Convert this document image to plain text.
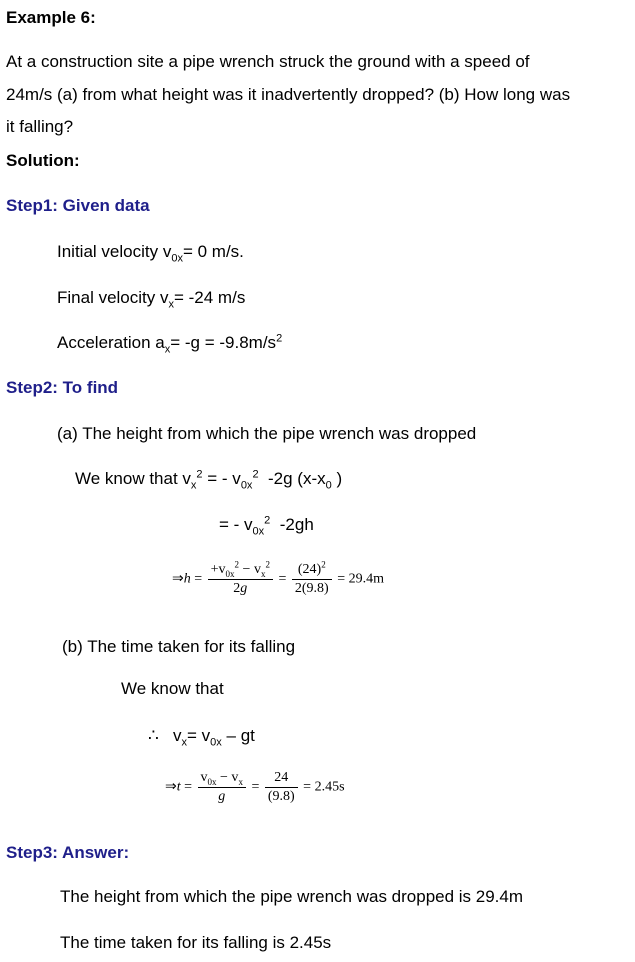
Example 6:
At a construction site a pipe wrench struck the ground with a speed of
24m/s (a) from what height was it inadvertently dropped? (b) How long was
it falling?
Solution:
Step1: Given data
Initial velocity $v_{0x}= 0$ m/s.
Final velocity $v_x= -24$ m/s
Acceleration $a_x= -g = -9.8m/s^2$
Step2: To find
(a) The height from which the pipe wrench was dropped
We know that $v_x^2$ = - $v_{0x}^2$ -2g ($x-x_0$ )
= - $v_{0x}^2$ -2gh
⇒h = $\frac{+v_{0x}^2 - v_x^2}{2g} = \frac{(24)^2}{2(9.8)} = 29.4m$
(b) The time taken for its falling
We know that
∴ $v_x= v_{0x}$ – gt
⇒t = $\frac{v_{0x} - v_x}{g} = \frac{24}{(9.8)} = 2.45s$
Step3: Answer:
The height from which the pipe wrench was dropped is 29.4m
The time taken for its falling is 2.45s
